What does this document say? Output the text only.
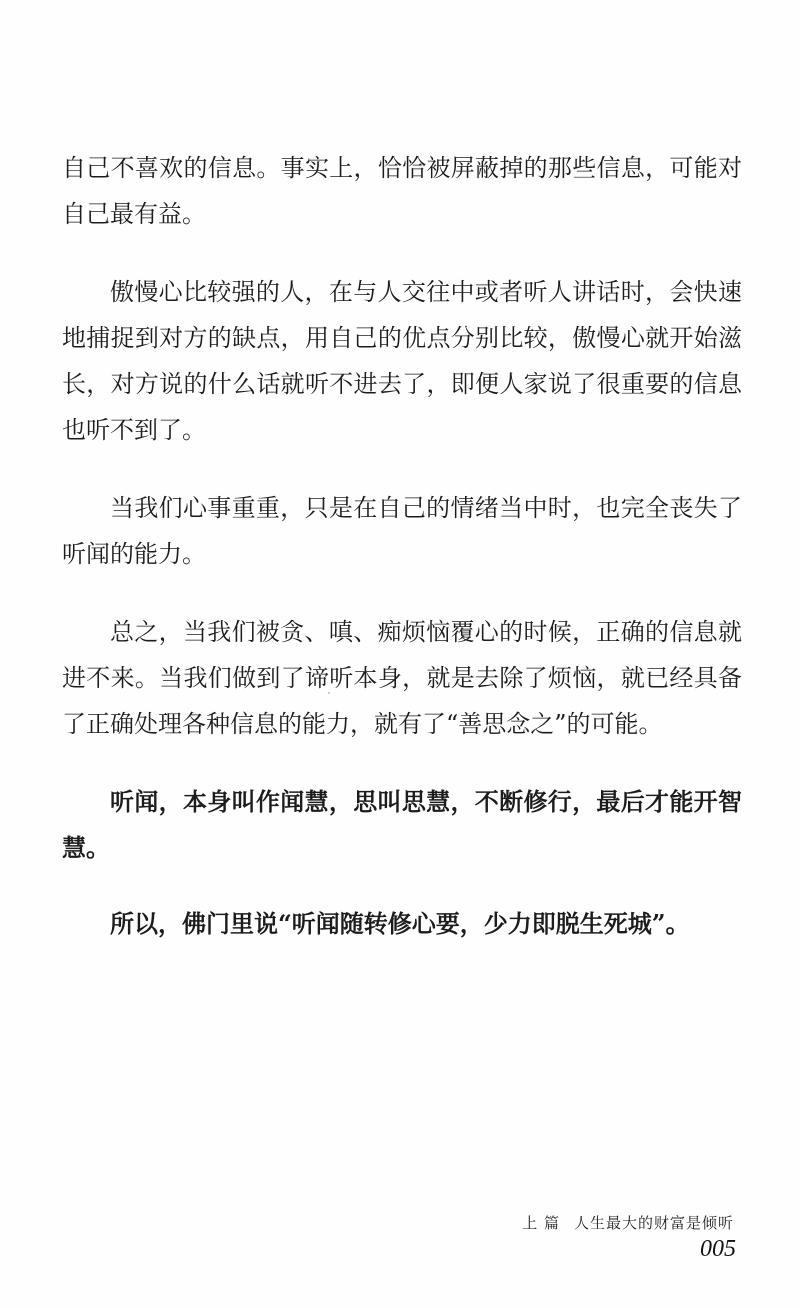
自己不喜欢的信息。事实上，恰恰被屏蔽掉的那些信息，可能对自己最有益。

傲慢心比较强的人，在与人交往中或者听人讲话时，会快速地捕捉到对方的缺点，用自己的优点分别比较，傲慢心就开始滋长，对方说的什么话就听不进去了，即便人家说了很重要的信息也听不到了。

当我们心事重重，只是在自己的情绪当中时，也完全丧失了听闻的能力。

总之，当我们被贪、嗔、痴烦恼覆心的时候，正确的信息就进不来。当我们做到了谛听本身，就是去除了烦恼，就已经具备了正确处理各种信息的能力，就有了“善思念之”的可能。

听闻，本身叫作闻慧，思叫思慧，不断修行，最后才能开智慧。

所以，佛门里说“听闻随转修心要，少力即脱生死城”。

上 篇 人生最大的财富是倾听
005
